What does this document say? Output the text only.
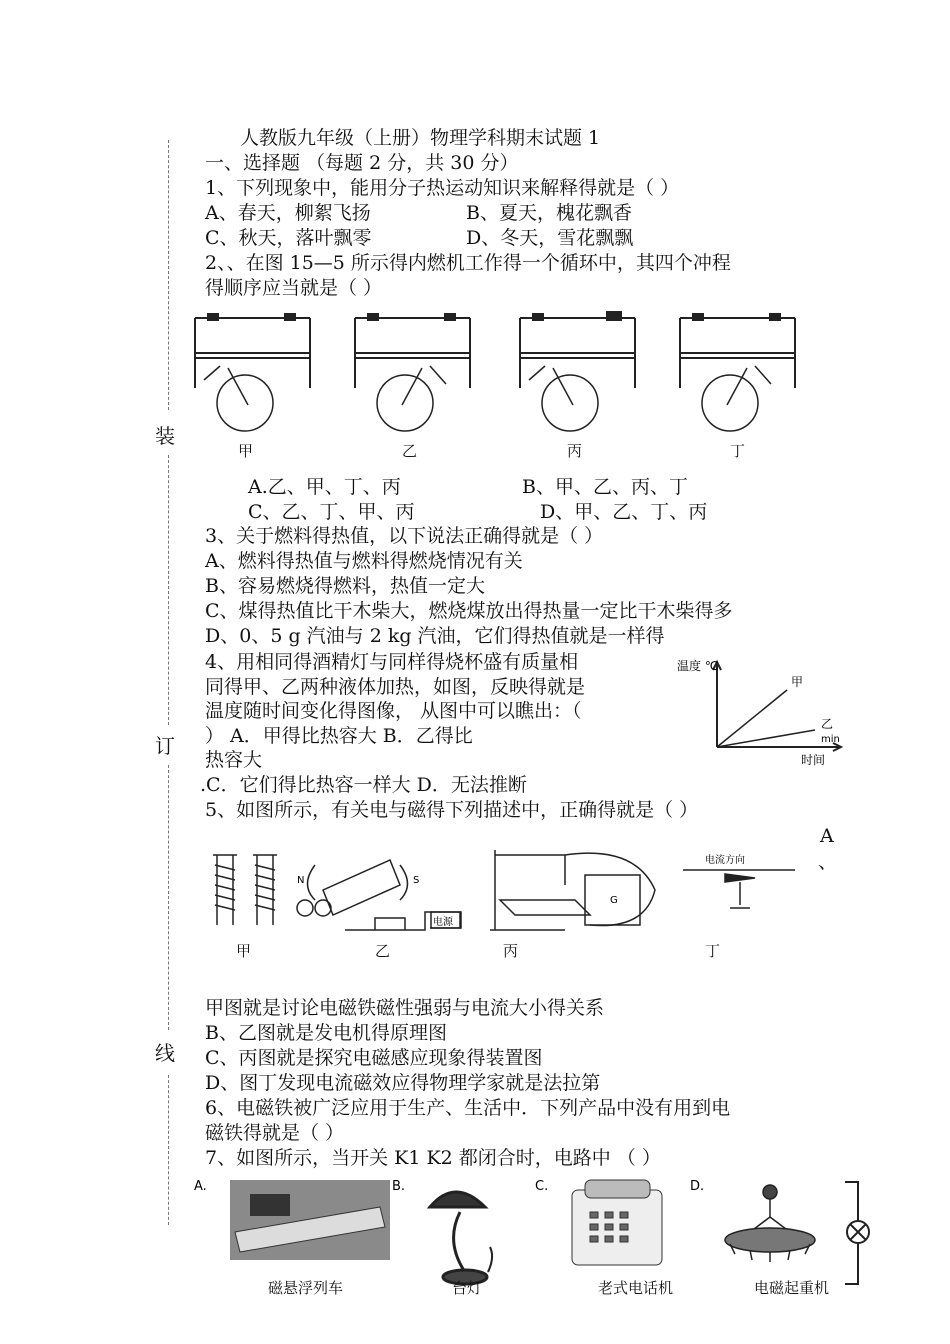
装
订
线
人教版九年级（上册）物理学科期末试题 1
一、选择题 （每题 2 分，共 30 分）
1、下列现象中，能用分子热运动知识来解释得就是（ ）
A、春天，柳絮飞扬	B、夏天，槐花飘香
C、秋天，落叶飘零	D、冬天，雪花飘飘
2、、在图 15—5 所示得内燃机工作得一个循环中，其四个冲程
得顺序应当就是（ ）
甲	乙	丙	丁
A.乙、甲、丁、丙	B、甲、乙、丙、丁
C、乙、丁、甲、丙	D、甲、乙、丁、丙
3、关于燃料得热值，以下说法正确得就是（ ）
A、燃料得热值与燃料得燃烧情况有关
B、容易燃烧得燃料，热值一定大
C、煤得热值比干木柴大，燃烧煤放出得热量一定比干木柴得多
D、0、5 g 汽油与 2 kg 汽油，它们得热值就是一样得
4、用相同得酒精灯与同样得烧杯盛有质量相
同得甲、乙两种液体加热，如图，反映得就是
温度随时间变化得图像， 从图中可以瞧出：（
） A．甲得比热容大 B．乙得比
热容大
.C．它们得比热容一样大 D．无法推断
温度 ℃
甲
乙
min
时间
5、如图所示，有关电与磁得下列描述中，正确得就是（ ）
A
、
N	S
电源
G
电流方向
甲	乙	丙	丁
甲图就是讨论电磁铁磁性强弱与电流大小得关系
B、乙图就是发电机得原理图
C、丙图就是探究电磁感应现象得装置图
D、图丁发现电流磁效应得物理学家就是法拉第
6、电磁铁被广泛应用于生产、生活中．下列产品中没有用到电
磁铁得就是（ ）
7、如图所示，当开关 K1 K2 都闭合时，电路中 （ ）
A.	B.	C.	D.
磁悬浮列车	台灯	老式电话机	电磁起重机
